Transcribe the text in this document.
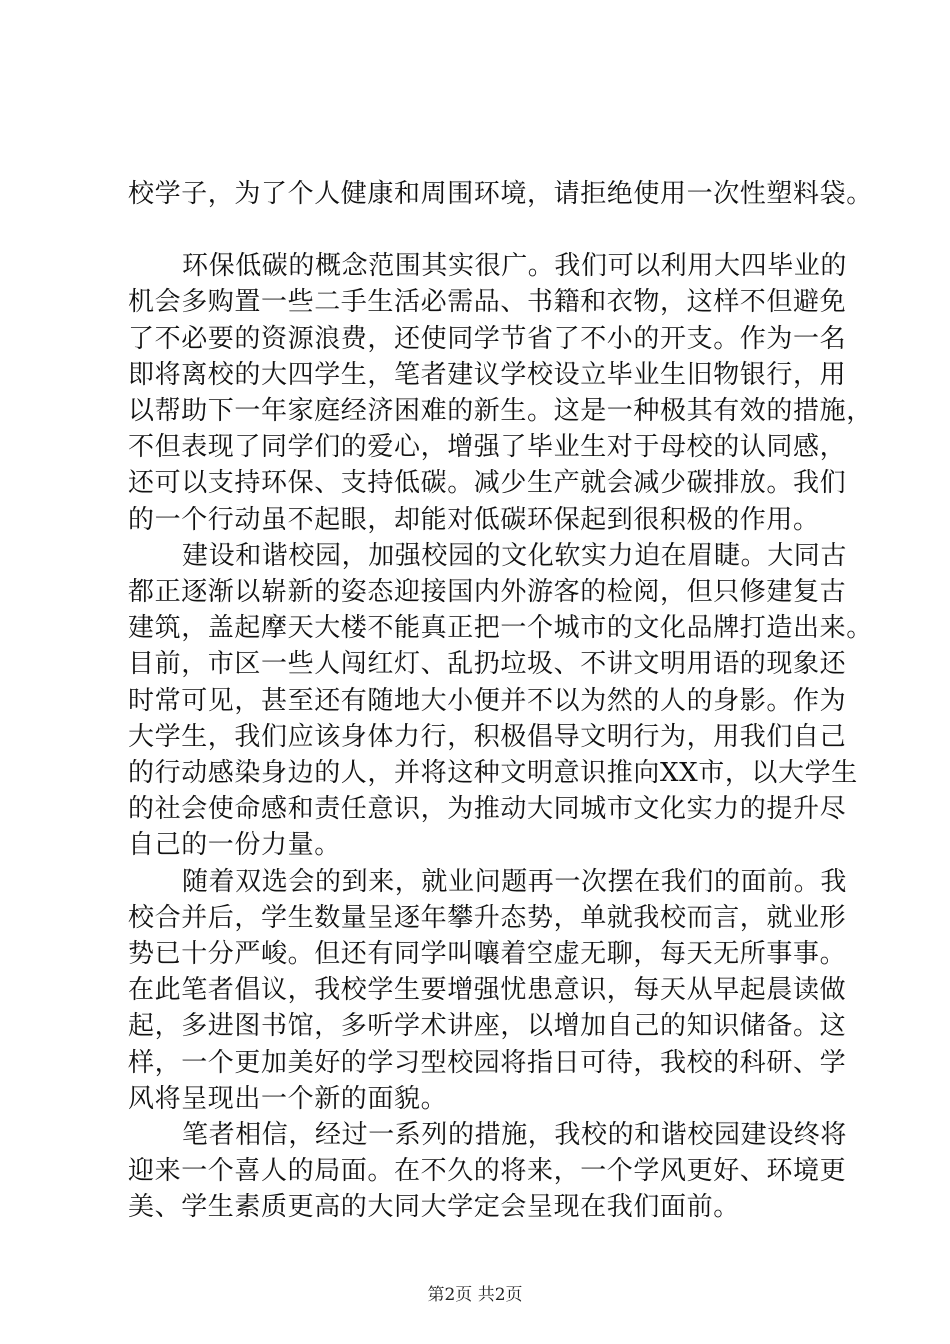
校学子，为了个人健康和周围环境，请拒绝使用一次性塑料袋。
环保低碳的概念范围其实很广。我们可以利用大四毕业的
机会多购置一些二手生活必需品、书籍和衣物，这样不但避免
了不必要的资源浪费，还使同学节省了不小的开支。作为一名
即将离校的大四学生，笔者建议学校设立毕业生旧物银行，用
以帮助下一年家庭经济困难的新生。这是一种极其有效的措施，
不但表现了同学们的爱心，增强了毕业生对于母校的认同感，
还可以支持环保、支持低碳。减少生产就会减少碳排放。我们
的一个行动虽不起眼，却能对低碳环保起到很积极的作用。
建设和谐校园，加强校园的文化软实力迫在眉睫。大同古
都正逐渐以崭新的姿态迎接国内外游客的检阅，但只修建复古
建筑，盖起摩天大楼不能真正把一个城市的文化品牌打造出来。
目前，市区一些人闯红灯、乱扔垃圾、不讲文明用语的现象还
时常可见，甚至还有随地大小便并不以为然的人的身影。作为
大学生，我们应该身体力行，积极倡导文明行为，用我们自己
的行动感染身边的人，并将这种文明意识推向XX市，以大学生
的社会使命感和责任意识，为推动大同城市文化实力的提升尽
自己的一份力量。
随着双选会的到来，就业问题再一次摆在我们的面前。我
校合并后，学生数量呈逐年攀升态势，单就我校而言，就业形
势已十分严峻。但还有同学叫嚷着空虚无聊，每天无所事事。
在此笔者倡议，我校学生要增强忧患意识，每天从早起晨读做
起，多进图书馆，多听学术讲座，以增加自己的知识储备。这
样，一个更加美好的学习型校园将指日可待，我校的科研、学
风将呈现出一个新的面貌。
笔者相信，经过一系列的措施，我校的和谐校园建设终将
迎来一个喜人的局面。在不久的将来，一个学风更好、环境更
美、学生素质更高的大同大学定会呈现在我们面前。
第2页 共2页
